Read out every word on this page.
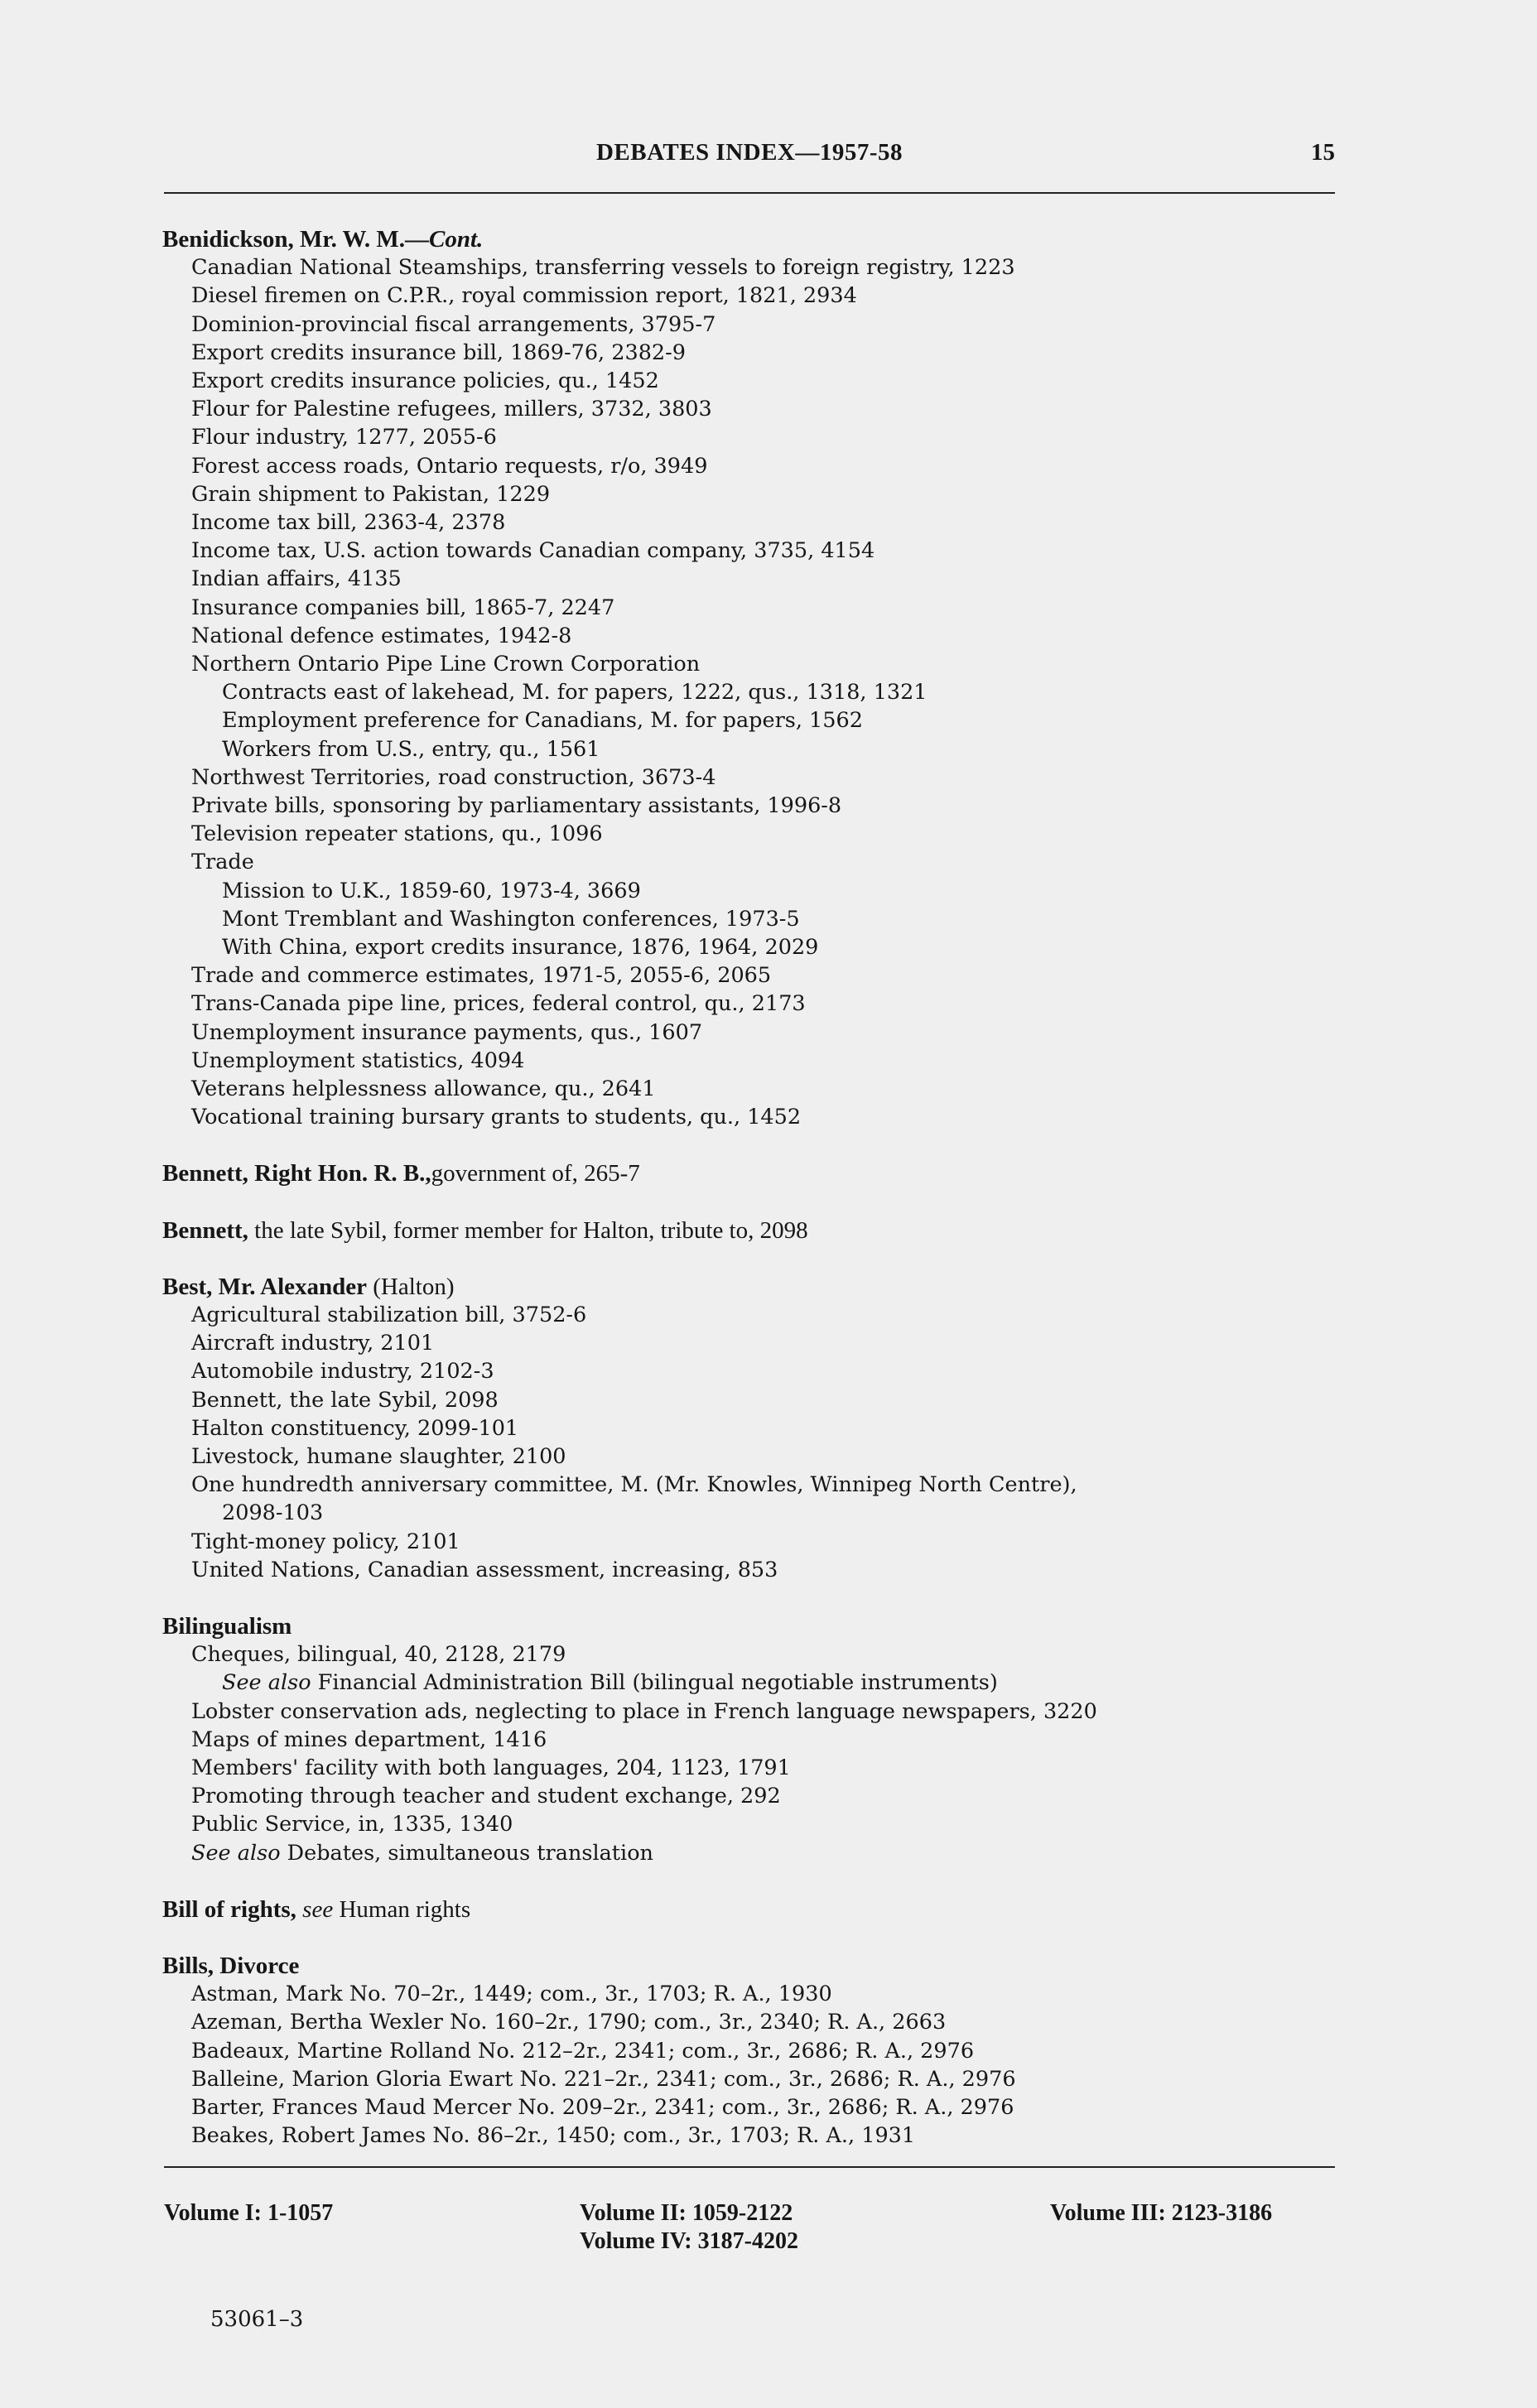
DEBATES INDEX—1957-58	15
Benidickson, Mr. W. M.—Cont.
Canadian National Steamships, transferring vessels to foreign registry, 1223
Diesel firemen on C.P.R., royal commission report, 1821, 2934
Dominion-provincial fiscal arrangements, 3795-7
Export credits insurance bill, 1869-76, 2382-9
Export credits insurance policies, qu., 1452
Flour for Palestine refugees, millers, 3732, 3803
Flour industry, 1277, 2055-6
Forest access roads, Ontario requests, r/o, 3949
Grain shipment to Pakistan, 1229
Income tax bill, 2363-4, 2378
Income tax, U.S. action towards Canadian company, 3735, 4154
Indian affairs, 4135
Insurance companies bill, 1865-7, 2247
National defence estimates, 1942-8
Northern Ontario Pipe Line Crown Corporation
Contracts east of lakehead, M. for papers, 1222, qus., 1318, 1321
Employment preference for Canadians, M. for papers, 1562
Workers from U.S., entry, qu., 1561
Northwest Territories, road construction, 3673-4
Private bills, sponsoring by parliamentary assistants, 1996-8
Television repeater stations, qu., 1096
Trade
Mission to U.K., 1859-60, 1973-4, 3669
Mont Tremblant and Washington conferences, 1973-5
With China, export credits insurance, 1876, 1964, 2029
Trade and commerce estimates, 1971-5, 2055-6, 2065
Trans-Canada pipe line, prices, federal control, qu., 2173
Unemployment insurance payments, qus., 1607
Unemployment statistics, 4094
Veterans helplessness allowance, qu., 2641
Vocational training bursary grants to students, qu., 1452
Bennett, Right Hon. R. B.,government of, 265-7
Bennett, the late Sybil, former member for Halton, tribute to, 2098
Best, Mr. Alexander (Halton)
Agricultural stabilization bill, 3752-6
Aircraft industry, 2101
Automobile industry, 2102-3
Bennett, the late Sybil, 2098
Halton constituency, 2099-101
Livestock, humane slaughter, 2100
One hundredth anniversary committee, M. (Mr. Knowles, Winnipeg North Centre),
2098-103
Tight-money policy, 2101
United Nations, Canadian assessment, increasing, 853
Bilingualism
Cheques, bilingual, 40, 2128, 2179
See also Financial Administration Bill (bilingual negotiable instruments)
Lobster conservation ads, neglecting to place in French language newspapers, 3220
Maps of mines department, 1416
Members' facility with both languages, 204, 1123, 1791
Promoting through teacher and student exchange, 292
Public Service, in, 1335, 1340
See also Debates, simultaneous translation
Bill of rights, see Human rights
Bills, Divorce
Astman, Mark No. 70–2r., 1449; com., 3r., 1703; R. A., 1930
Azeman, Bertha Wexler No. 160–2r., 1790; com., 3r., 2340; R. A., 2663
Badeaux, Martine Rolland No. 212–2r., 2341; com., 3r., 2686; R. A., 2976
Balleine, Marion Gloria Ewart No. 221–2r., 2341; com., 3r., 2686; R. A., 2976
Barter, Frances Maud Mercer No. 209–2r., 2341; com., 3r., 2686; R. A., 2976
Beakes, Robert James No. 86–2r., 1450; com., 3r., 1703; R. A., 1931
Volume I: 1-1057	Volume II: 1059-2122
Volume IV: 3187-4202
Volume III: 2123-3186
53061–3
